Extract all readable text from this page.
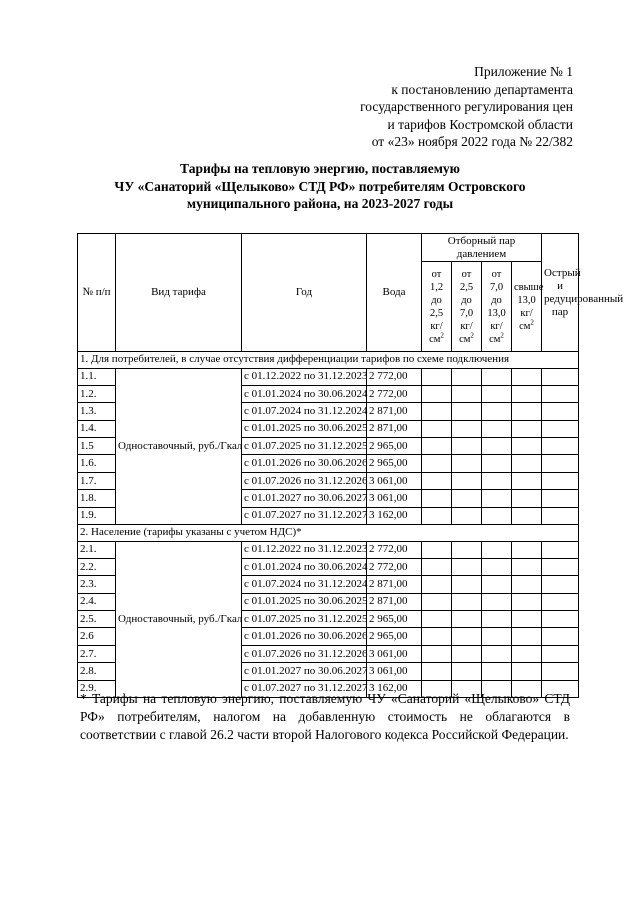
Приложение № 1
к постановлению департамента
государственного регулирования цен
и тарифов Костромской области
от «23» ноября 2022 года № 22/382
Тарифы на тепловую энергию, поставляемую
ЧУ «Санаторий «Щелыково» СТД РФ» потребителям Островского
муниципального района, на 2023-2027 годы
№ п/п	Вид тарифа	Год	Вода	Отборный пар давлением				Острый и редуцированный пар
				от 1,2 до 2,5 $кг/см^2$	от 2,5 до 7,0 $кг/см^2$	от 7,0 до 13,0 $кг/см^2$	свыше 13,0 $кг/см^2$
1. Для потребителей, в случае отсутствия дифференциации тарифов по схеме подключения								
1.1.	Одноставочный, руб./Гкал	с 01.12.2022 по 31.12.2023	2 772,00					
1.2.		с 01.01.2024 по 30.06.2024	2 772,00					
1.3.		с 01.07.2024 по 31.12.2024	2 871,00					
1.4.		с 01.01.2025 по 30.06.2025	2 871,00					
1.5		с 01.07.2025 по 31.12.2025	2 965,00					
1.6.		с 01.01.2026 по 30.06.2026	2 965,00					
1.7.		с 01.07.2026 по 31.12.2026	3 061,00					
1.8.		с 01.01.2027 по 30.06.2027	3 061,00					
1.9.		с 01.07.2027 по 31.12.2027	3 162,00					
2. Население (тарифы указаны с учетом НДС)*								
2.1.	Одноставочный, руб./Гкал	с 01.12.2022 по 31.12.2023	2 772,00					
2.2.		с 01.01.2024 по 30.06.2024	2 772,00					
2.3.		с 01.07.2024 по 31.12.2024	2 871,00					
2.4.		с 01.01.2025 по 30.06.2025	2 871,00					
2.5.		с 01.07.2025 по 31.12.2025	2 965,00					
2.6		с 01.01.2026 по 30.06.2026	2 965,00					
2.7.		с 01.07.2026 по 31.12.2026	3 061,00					
2.8.		с 01.01.2027 по 30.06.2027	3 061,00					
2.9.		с 01.07.2027 по 31.12.2027	3 162,00					
* Тарифы на тепловую энергию, поставляемую ЧУ «Санаторий «Щелыково» СТД РФ» потребителям, налогом на добавленную стоимость не облагаются в соответствии с главой 26.2 части второй Налогового кодекса Российской Федерации.
